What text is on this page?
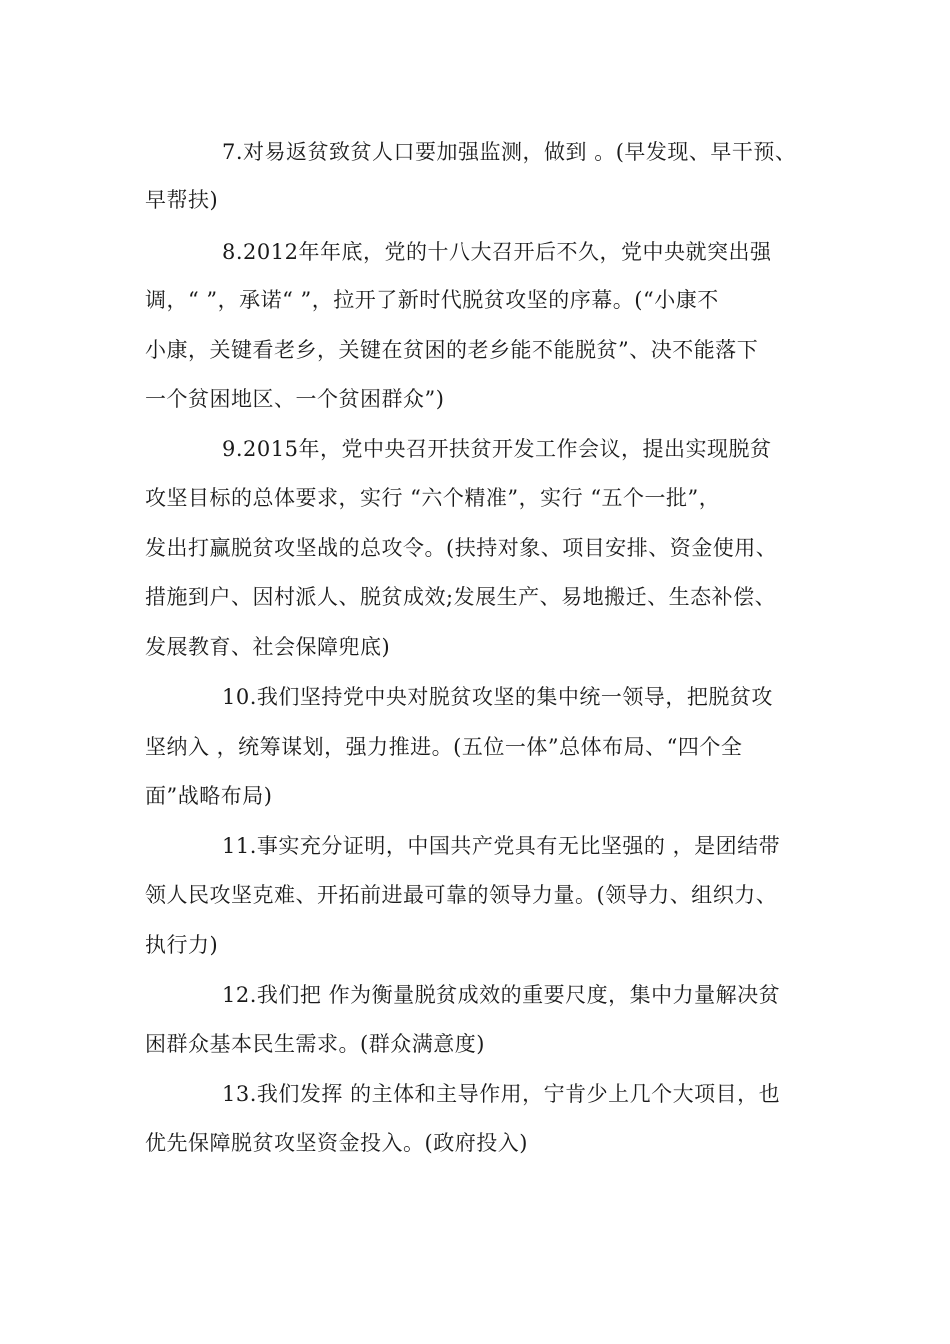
7.对易返贫致贫人口要加强监测，做到 。(早发现、早干预、
早帮扶)
8.2012年年底，党的十八大召开后不久，党中央就突出强
调，“ ”，承诺“ ”，拉开了新时代脱贫攻坚的序幕。(“小康不
小康，关键看老乡，关键在贫困的老乡能不能脱贫”、决不能落下
一个贫困地区、一个贫困群众”)
9.2015年，党中央召开扶贫开发工作会议，提出实现脱贫
攻坚目标的总体要求，实行 “六个精准”，实行 “五个一批”，
发出打赢脱贫攻坚战的总攻令。(扶持对象、项目安排、资金使用、
措施到户、因村派人、脱贫成效;发展生产、易地搬迁、生态补偿、
发展教育、社会保障兜底)
10.我们坚持党中央对脱贫攻坚的集中统一领导，把脱贫攻
坚纳入 ，统筹谋划，强力推进。(五位一体”总体布局、“四个全
面”战略布局)
11.事实充分证明，中国共产党具有无比坚强的 ，是团结带
领人民攻坚克难、开拓前进最可靠的领导力量。(领导力、组织力、
执行力)
12.我们把 作为衡量脱贫成效的重要尺度，集中力量解决贫
困群众基本民生需求。(群众满意度)
13.我们发挥 的主体和主导作用，宁肯少上几个大项目，也
优先保障脱贫攻坚资金投入。(政府投入)
